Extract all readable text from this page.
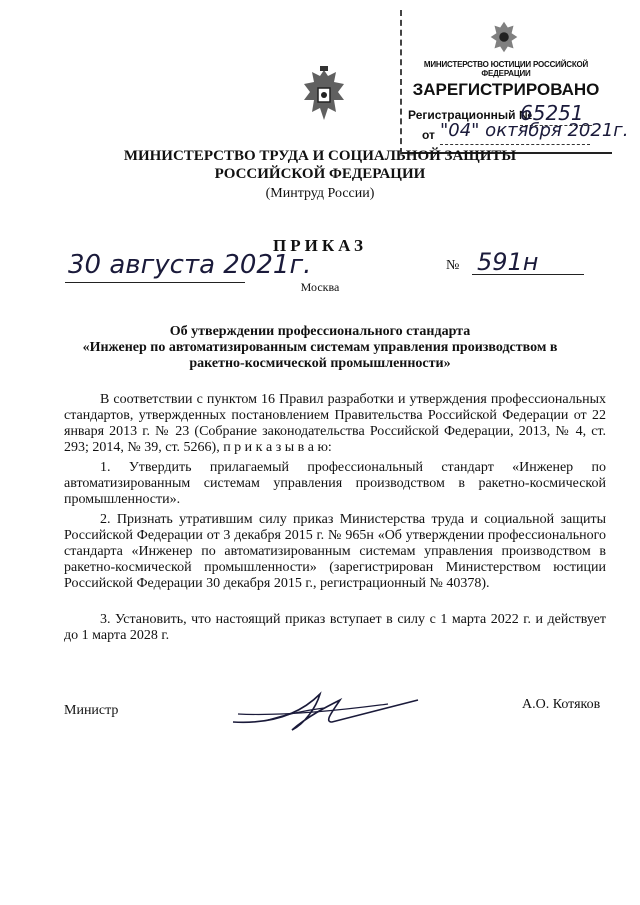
МИНИСТЕРСТВО ЮСТИЦИИ РОССИЙСКОЙ ФЕДЕРАЦИИ
ЗАРЕГИСТРИРОВАНО
Регистрационный №
65251
от "04" октября 2021г.
МИНИСТЕРСТВО ТРУДА И СОЦИАЛЬНОЙ ЗАЩИТЫ
РОССИЙСКОЙ ФЕДЕРАЦИИ
(Минтруд России)
ПРИКАЗ
30 августа 2021г.	№ 591н
Москва
Об утверждении профессионального стандарта
«Инженер по автоматизированным системам управления производством в
ракетно-космической промышленности»
В соответствии с пунктом 16 Правил разработки и утверждения профессиональных стандартов, утвержденных постановлением Правительства Российской Федерации от 22 января 2013 г. № 23 (Собрание законодательства Российской Федерации, 2013, № 4, ст. 293; 2014, № 39, ст. 5266), п р и к а з ы в а ю:
1. Утвердить прилагаемый профессиональный стандарт «Инженер по автоматизированным системам управления производством в ракетно-космической промышленности».
2. Признать утратившим силу приказ Министерства труда и социальной защиты Российской Федерации от 3 декабря 2015 г. № 965н «Об утверждении профессионального стандарта «Инженер по автоматизированным системам управления производством в ракетно-космической промышленности» (зарегистрирован Министерством юстиции Российской Федерации 30 декабря 2015 г., регистрационный № 40378).
3. Установить, что настоящий приказ вступает в силу с 1 марта 2022 г. и действует до 1 марта 2028 г.
Министр	А.О. Котяков
